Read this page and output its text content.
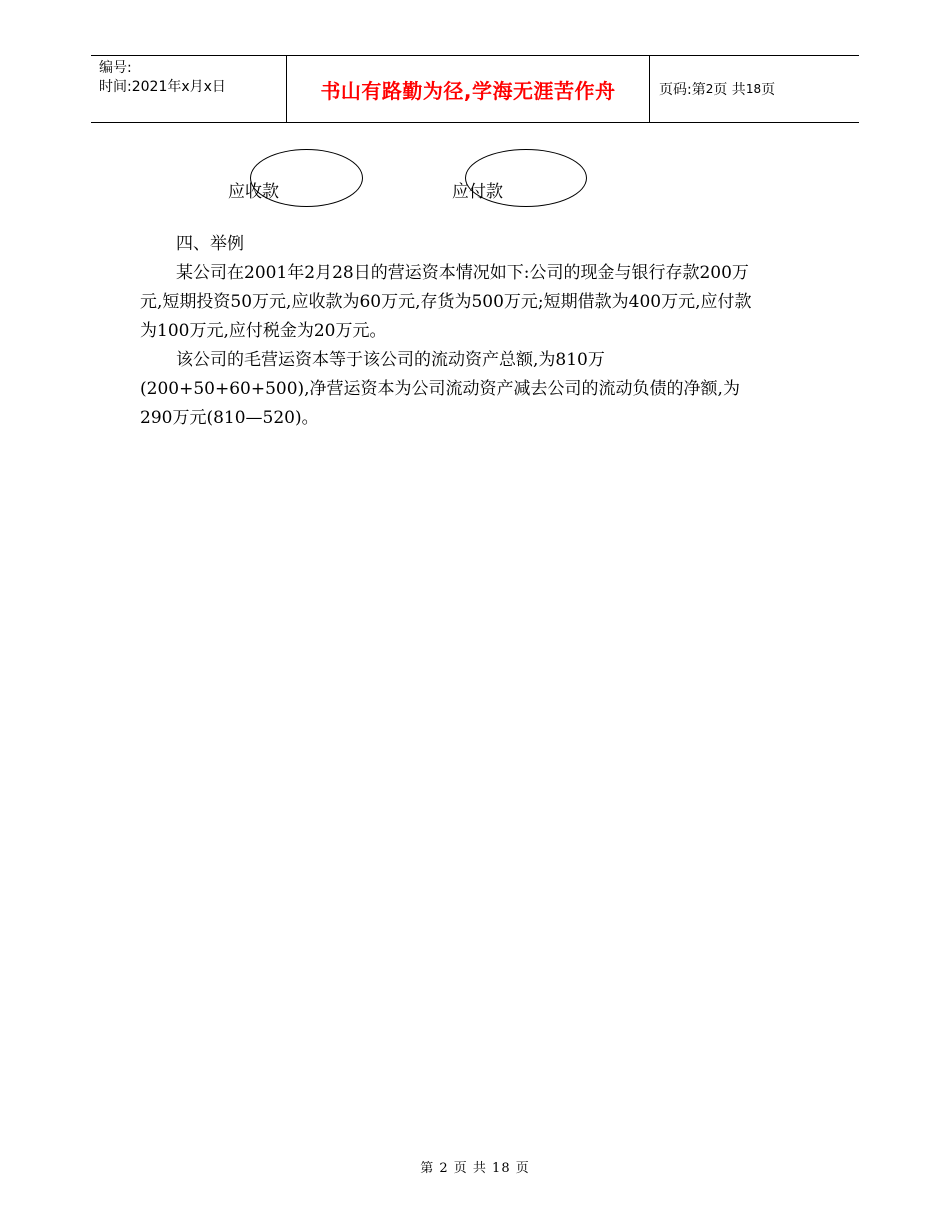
编号:
时间:2021年x月x日	书山有路勤为径,学海无涯苦作舟	页码:第 2 页 共 18 页
应收款	应付款

四、举例

某公司在2001年2月28日的营运资本情况如下:公司的现金与银行存款200万元,短期投资50万元,应收款为60万元,存货为500万元;短期借款为400万元,应付款为100万元,应付税金为20万元。

该公司的毛营运资本等于该公司的流动资产总额,为810万(200+50+60+500),净营运资本为公司流动资产减去公司的流动负债的净额,为290万元(810—520)。

第 2 页 共 18 页
